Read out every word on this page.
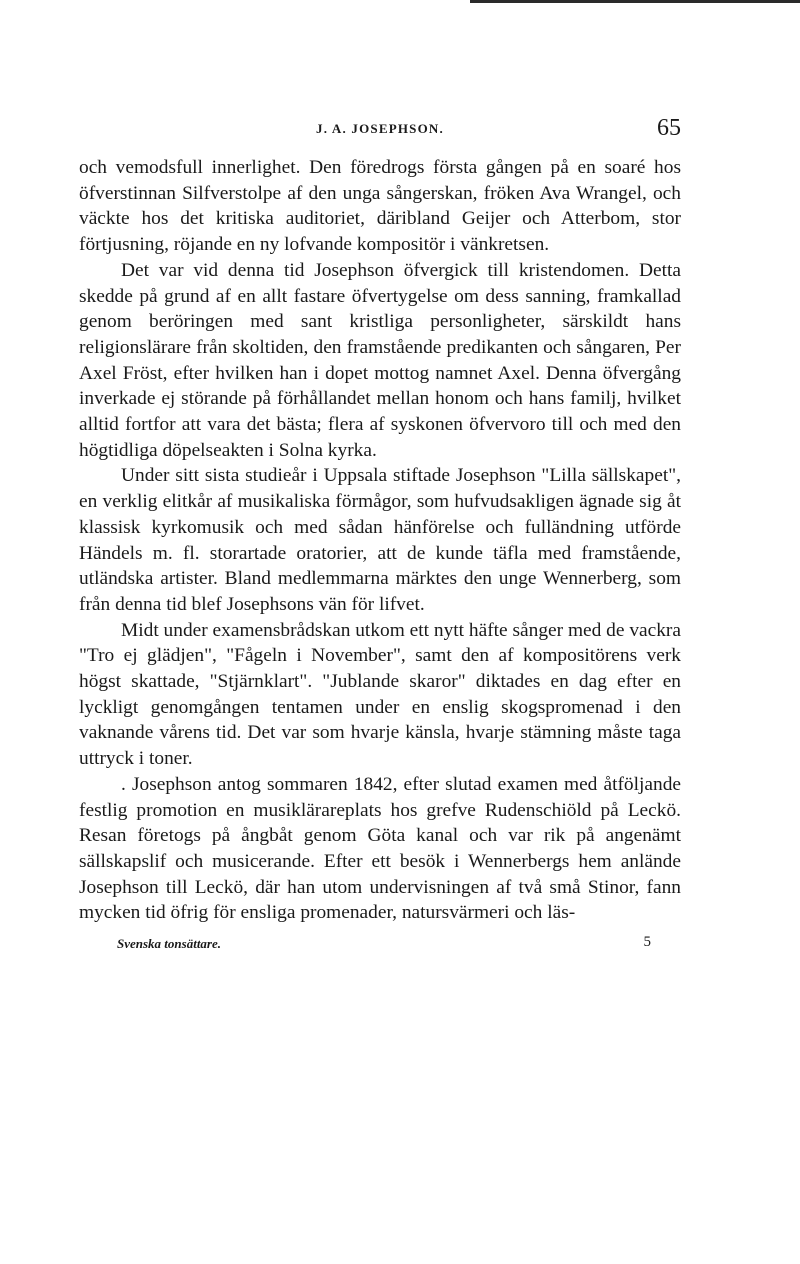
J. A. JOSEPHSON.	65

och vemodsfull innerlighet. Den föredrogs första gången på en soaré hos öfverstinnan Silfverstolpe af den unga sångerskan, fröken Ava Wrangel, och väckte hos det kritiska auditoriet, däribland Geijer och Atterbom, stor förtjusning, röjande en ny lofvande kompositör i vänkretsen.

Det var vid denna tid Josephson öfvergick till kristendomen. Detta skedde på grund af en allt fastare öfvertygelse om dess sanning, framkallad genom beröringen med sant kristliga personligheter, särskildt hans religionslärare från skoltiden, den framstående predikanten och sångaren, Per Axel Fröst, efter hvilken han i dopet mottog namnet Axel. Denna öfvergång inverkade ej störande på förhållandet mellan honom och hans familj, hvilket alltid fortfor att vara det bästa; flera af syskonen öfvervoro till och med den högtidliga döpelseakten i Solna kyrka.

Under sitt sista studieår i Uppsala stiftade Josephson "Lilla sällskapet", en verklig elitkår af musikaliska förmågor, som hufvudsakligen ägnade sig åt klassisk kyrkomusik och med sådan hänförelse och fulländning utförde Händels m. fl. storartade oratorier, att de kunde täfla med framstående, utländska artister. Bland medlemmarna märktes den unge Wennerberg, som från denna tid blef Josephsons vän för lifvet.

Midt under examensbrådskan utkom ett nytt häfte sånger med de vackra "Tro ej glädjen", "Fågeln i November", samt den af kompositörens verk högst skattade, "Stjärnklart". "Jublande skaror" diktades en dag efter en lyckligt genomgången tentamen under en enslig skogspromenad i den vaknande vårens tid. Det var som hvarje känsla, hvarje stämning måste taga uttryck i toner.

. Josephson antog sommaren 1842, efter slutad examen med åtföljande festlig promotion en musiklärareplats hos grefve Rudenschiöld på Leckö. Resan företogs på ångbåt genom Göta kanal och var rik på angenämt sällskapslif och musicerande. Efter ett besök i Wennerbergs hem anlände Josephson till Leckö, där han utom undervisningen af två små Stinor, fann mycken tid öfrig för ensliga promenader, natursvärmeri och läs-

Svenska tonsättare.	5
